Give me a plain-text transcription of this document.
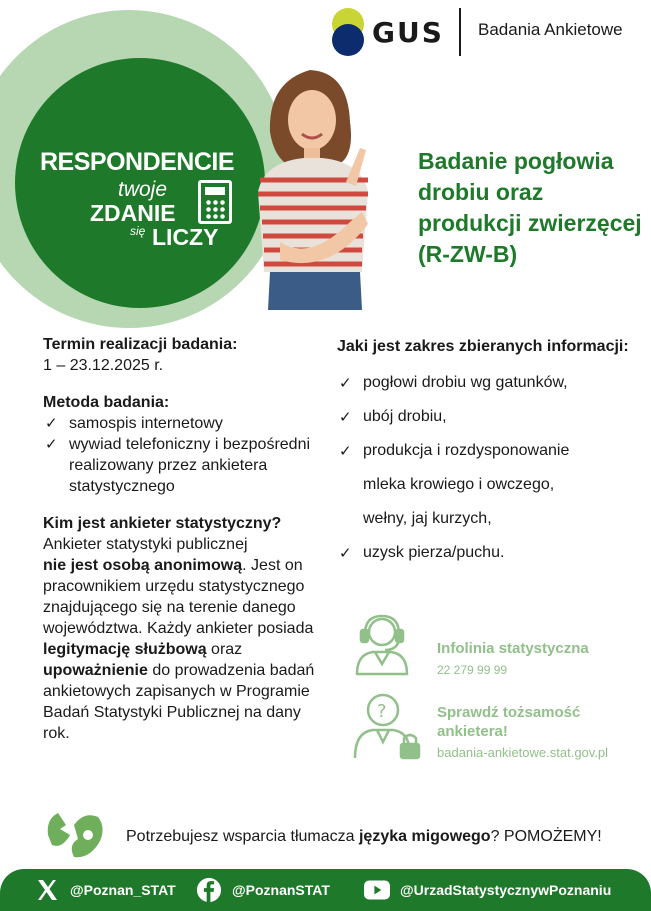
GUS Badania Ankietowe
RESPONDENCIE
twoje
ZDANIE
się LICZY
Badanie pogłowia
drobiu oraz
produkcji zwierzęcej
(R-ZW-B)
Termin realizacji badania:

1 – 23.12.2025 r.

Metoda badania:
✓ samospis internetowy
✓ wywiad telefoniczny i bezpośredni realizowany przez ankietera statystycznego
Kim jest ankieter statystyczny?

Ankieter statystyki publicznej
nie jest osobą anonimową. Jest on pracownikiem urzędu statystycznego znajdującego się na terenie danego województwa. Każdy ankieter posiada legitymację służbową oraz upoważnienie do prowadzenia badań ankietowych zapisanych w Programie Badań Statystyki Publicznej na dany rok.

Jaki jest zakres zbieranych informacji:
✓ pogłowi drobiu wg gatunków,
✓ ubój drobiu,
✓ produkcja i rozdysponowanie
mleka krowiego i owczego,
wełny, jaj kurzych,
✓ uzysk pierza/puchu.
Infolinia statystyczna
22 279 99 99
?	Sprawdź tożsamość ankietera!
badania-ankietowe.stat.gov.pl
Potrzebujesz wsparcia tłumacza języka migowego? POMOŻEMY!
@Poznan_STAT	@PoznanSTAT	@UrzadStatystycznywPoznaniu
